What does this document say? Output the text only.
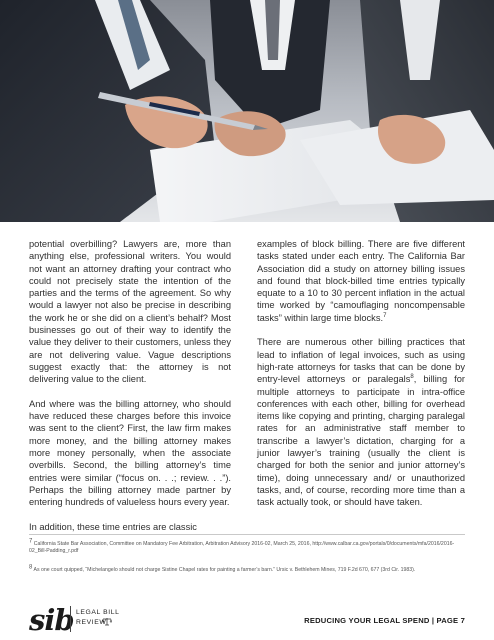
potential overbilling? Lawyers are, more than anything else, professional writers. You would not want an attorney drafting your contract who could not precisely state the intention of the parties and the terms of the agreement. So why would a lawyer not also be precise in describing the work he or she did on a client’s behalf? Most businesses go out of their way to identify the value they deliver to their customers, unless they are not delivering value. Vague descriptions suggest exactly that: the attorney is not delivering value to the client.

And where was the billing attorney, who should have reduced these charges before this invoice was sent to the client? First, the law firm makes more money, and the billing attorney makes more money personally, when the associate overbills. Second, the billing attorney’s time entries were similar (“focus on. . .; review. . .”). Perhaps the billing attorney made partner by entering hundreds of valueless hours every year.

In addition, these time entries are classic

examples of block billing. There are five different tasks stated under each entry. The California Bar Association did a study on attorney billing issues and found that block-billed time entries typically equate to a 10 to 30 percent inflation in the actual time worked by “camouflaging noncompensable tasks” within large time blocks.$^7$

There are numerous other billing practices that lead to inflation of legal invoices, such as using high-rate attorneys for tasks that can be done by entry-level attorneys or paralegals$^8$, billing for multiple attorneys to participate in intra-office conferences with each other, billing for overhead items like copying and printing, charging paralegal rates for an administrative staff member to transcribe a lawyer’s dictation, charging for a junior lawyer’s training (usually the client is charged for both the senior and junior attorney’s time), doing unnecessary and/ or unauthorized tasks, and, of course, recording more time than a task actually took, or should have taken.

$^7$ California State Bar Association, Committee on Mandatory Fee Arbitration, Arbitration Advisory 2016-02, March 25, 2016, http://www.calbar.ca.gov/portals/0/documents/mfa/2016/2016-02_Bill-Padding_r.pdf
$^8$ As one court quipped, “Michelangelo should not charge Sistine Chapel rates for painting a farmer’s barn.” Ursic v. Bethlehem Mines, 719 F.2d 670, 677 (3rd Cir. 1983).
sib LEGAL BILL
REVIEW	REDUCING YOUR LEGAL SPEND | PAGE 7
